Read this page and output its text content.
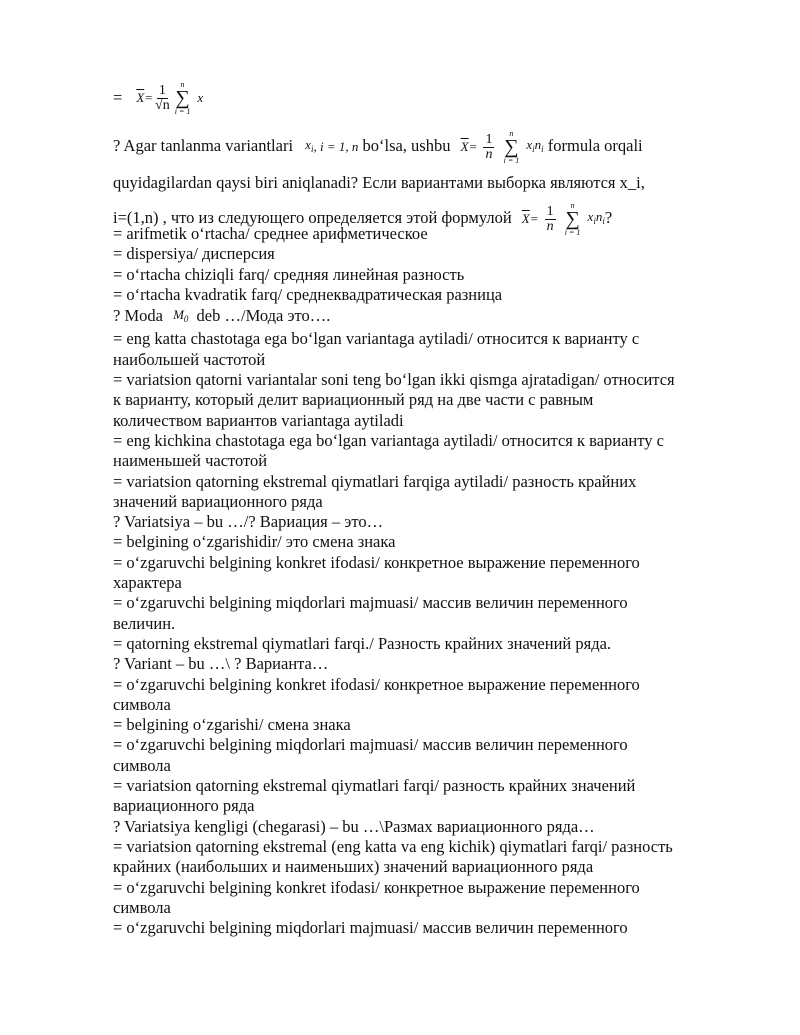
= $\overline{X} = \frac{1}{√n}$ n
∑
i = 1
x
? Agar tanlanma variantlari $x_i$, i = 1, n bo‘lsa, ushbu $\overline{X}= \frac{1}{n}$
n
∑
i = 1
$x_in_i$ formula orqali
quyidagilardan qaysi biri aniqlanadi? Если вариантами выборка являются x_i,
i=(1,n) , что из следующего определяется этой формулой $\overline{X}= \frac{1}{n}$
n
∑
i = 1
$x_in_i$?
= arifmetik o‘rtacha/ среднее арифметическое
= dispersiya/ дисперсия
= o‘rtacha chiziqli farq/ средняя линейная разность
= o‘rtacha kvadratik farq/ среднеквадратическая разница
? Moda $M_0$ deb …/Мода это….
= eng katta chastotaga ega bo‘lgan variantaga aytiladi/ относится к варианту с
наибольшей частотой
= variatsion qatorni variantalar soni teng bo‘lgan ikki qismga ajratadigan/ относится
к варианту, который делит вариационный ряд на две части с равным
количеством вариантов variantaga aytiladi
= eng kichkina chastotaga ega bo‘lgan variantaga aytiladi/ относится к варианту с
наименьшей частотой
= variatsion qatorning ekstremal qiymatlari farqiga aytiladi/ разность крайних
значений вариационного ряда
? Variatsiya – bu …/? Вариация – это…
= belgining o‘zgarishidir/ это смена знака
= o‘zgaruvchi belgining konkret ifodasi/ конкретное выражение переменного
характера
= o‘zgaruvchi belgining miqdorlari majmuasi/ массив величин переменного
величин.
= qatorning ekstremal qiymatlari farqi./ Разность крайних значений ряда.
? Variant – bu …\ ? Варианта…
= o‘zgaruvchi belgining konkret ifodasi/ конкретное выражение переменного
символа
= belgining o‘zgarishi/ смена знака
= o‘zgaruvchi belgining miqdorlari majmuasi/ массив величин переменного
символа
= variatsion qatorning ekstremal qiymatlari farqi/ разность крайних значений
вариационного ряда
? Variatsiya kengligi (chegarasi) – bu …\Размах вариационного ряда…
= variatsion qatorning ekstremal (eng katta va eng kichik) qiymatlari farqi/ разность
крайних (наибольших и наименьших) значений вариационного ряда
= o‘zgaruvchi belgining konkret ifodasi/ конкретное выражение переменного
символа
= o‘zgaruvchi belgining miqdorlari majmuasi/ массив величин переменного
